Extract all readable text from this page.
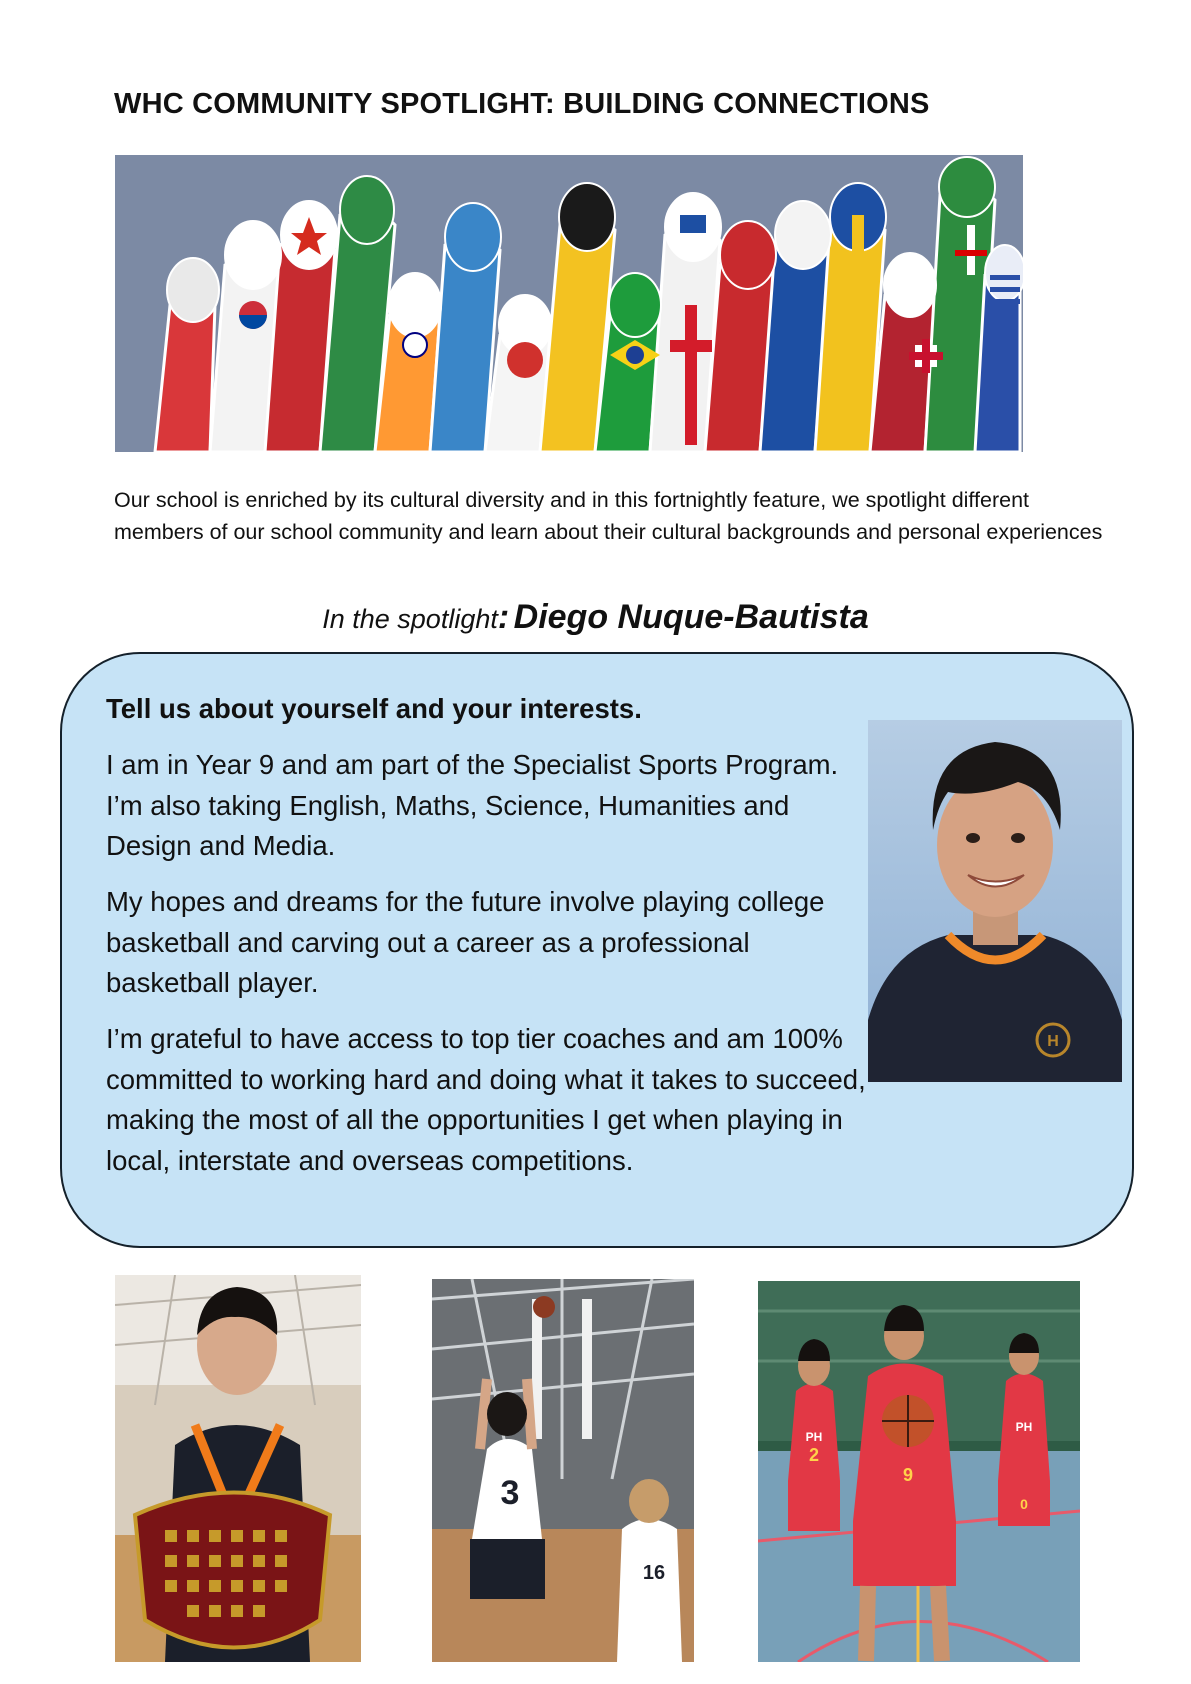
WHC COMMUNITY SPOTLIGHT: BUILDING CONNECTIONS

Our school is enriched by its cultural diversity and in this fortnightly feature, we spotlight different members of our school community and learn about their cultural backgrounds and personal experiences

In the spotlight: Diego Nuque-Bautista
Tell us about yourself and your interests.

I am in Year 9 and am part of the Specialist Sports Program. I’m also taking English, Maths, Science, Humanities and Design and Media.

My hopes and dreams for the future involve playing college basketball and carving out a career as a professional basketball player.

I’m grateful to have access to top tier coaches and am 100% committed to working hard and doing what it takes to succeed, making the most of all the opportunities I get when playing in local, interstate and overseas competitions.

H
3
16
PH
2
9
PH
0
